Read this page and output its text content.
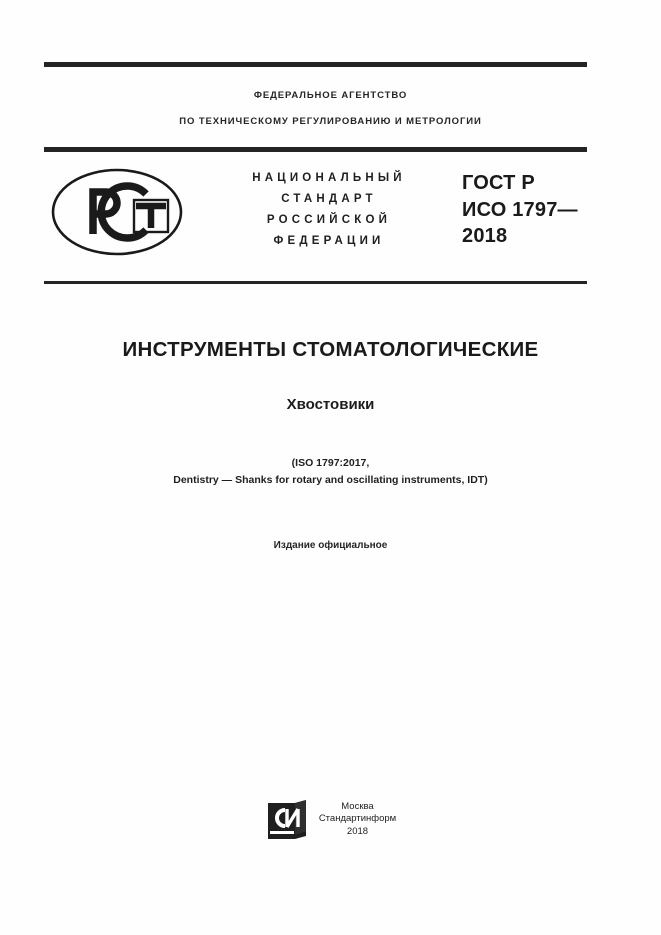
ФЕДЕРАЛЬНОЕ АГЕНТСТВО
ПО ТЕХНИЧЕСКОМУ РЕГУЛИРОВАНИЮ И МЕТРОЛОГИИ
НАЦИОНАЛЬНЫЙ
СТАНДАРТ
РОССИЙСКОЙ
ФЕДЕРАЦИИ
ГОСТ Р
ИСО 1797—
2018
ИНСТРУМЕНТЫ СТОМАТОЛОГИЧЕСКИЕ
Хвостовики
(ISO 1797:2017,
Dentistry — Shanks for rotary and oscillating instruments, IDT)
Издание официальное
Москва
Стандартинформ
2018
